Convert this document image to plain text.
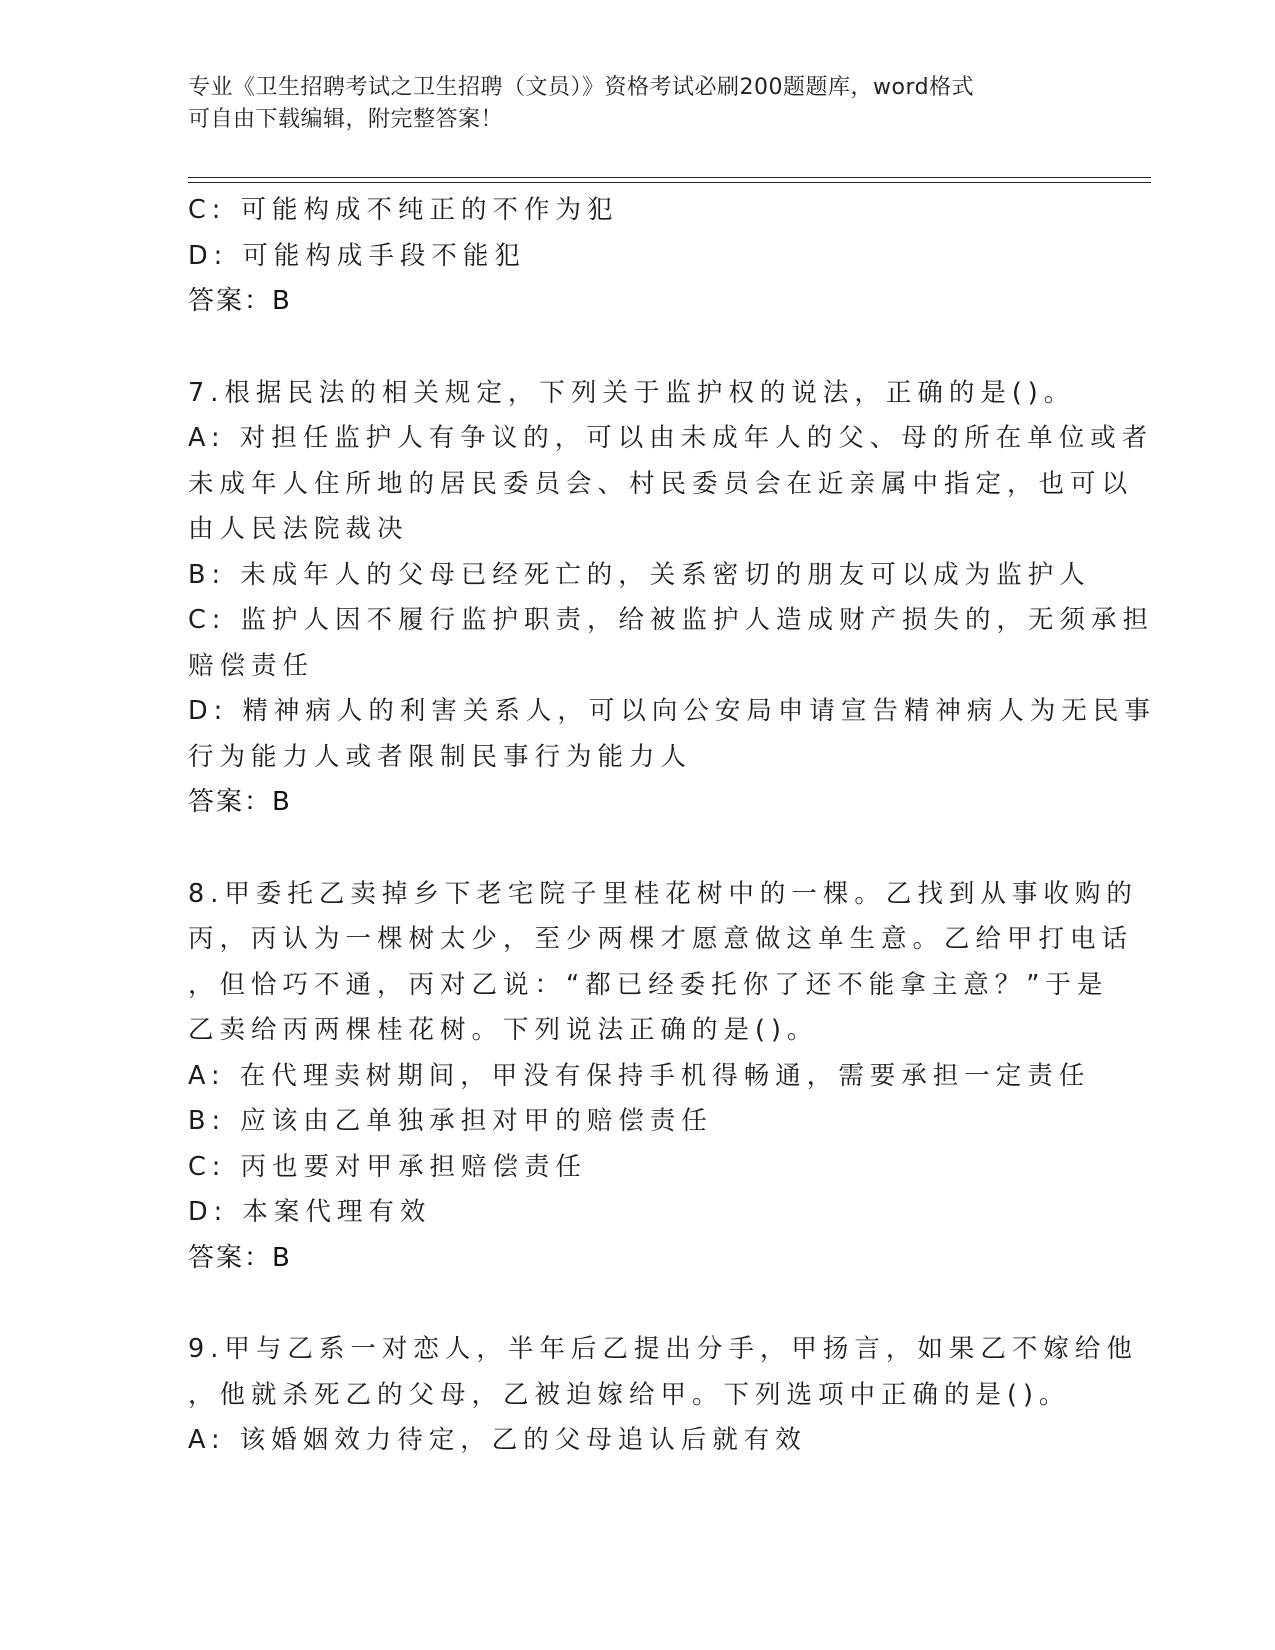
专业《卫生招聘考试之卫生招聘（文员）》资格考试必刷200题题库，word格式
可自由下载编辑，附完整答案！
C: 可能构成不纯正的不作为犯
D: 可能构成手段不能犯
答案：B
7.根据民法的相关规定，下列关于监护权的说法，正确的是()。
A: 对担任监护人有争议的，可以由未成年人的父、母的所在单位或者
未成年人住所地的居民委员会、村民委员会在近亲属中指定，也可以
由人民法院裁决
B: 未成年人的父母已经死亡的，关系密切的朋友可以成为监护人
C: 监护人因不履行监护职责，给被监护人造成财产损失的，无须承担
赔偿责任
D: 精神病人的利害关系人，可以向公安局申请宣告精神病人为无民事
行为能力人或者限制民事行为能力人
答案：B
8.甲委托乙卖掉乡下老宅院子里桂花树中的一棵。乙找到从事收购的
丙，丙认为一棵树太少，至少两棵才愿意做这单生意。乙给甲打电话
，但恰巧不通，丙对乙说：“都已经委托你了还不能拿主意？”于是
乙卖给丙两棵桂花树。下列说法正确的是()。
A: 在代理卖树期间，甲没有保持手机得畅通，需要承担一定责任
B: 应该由乙单独承担对甲的赔偿责任
C: 丙也要对甲承担赔偿责任
D: 本案代理有效
答案：B
9.甲与乙系一对恋人，半年后乙提出分手，甲扬言，如果乙不嫁给他
，他就杀死乙的父母，乙被迫嫁给甲。下列选项中正确的是()。
A: 该婚姻效力待定，乙的父母追认后就有效
